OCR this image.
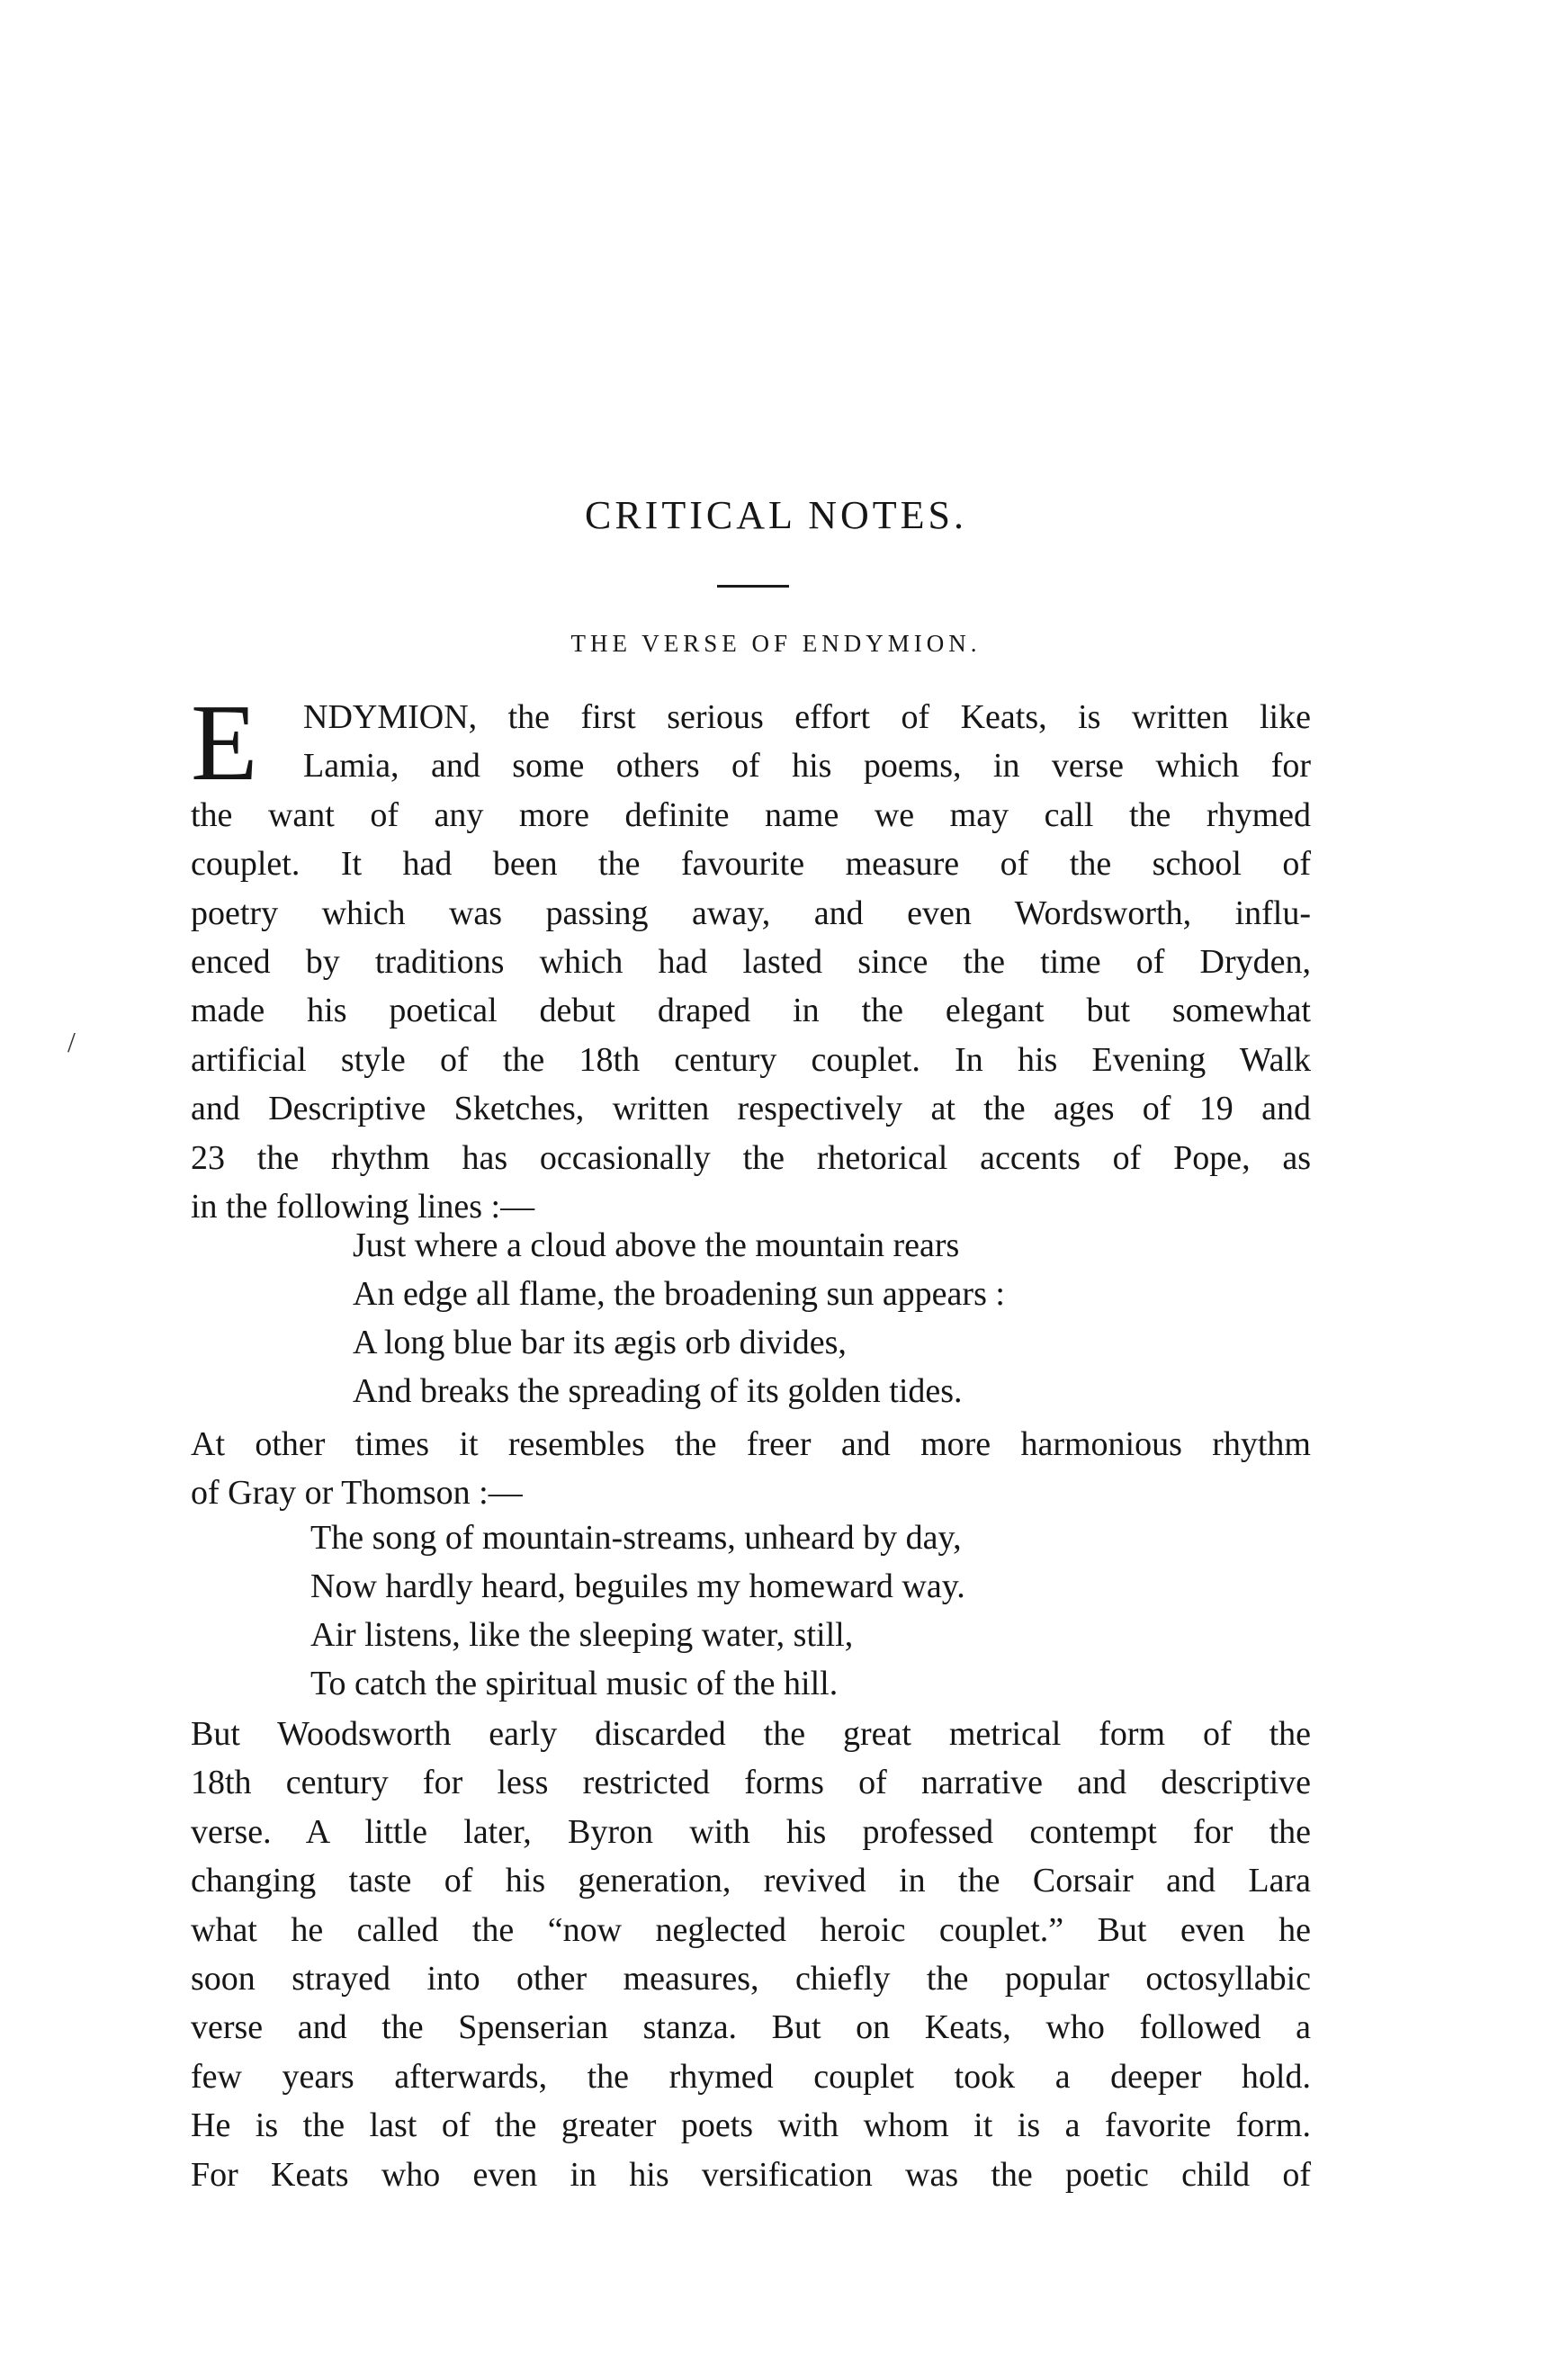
CRITICAL NOTES.
THE VERSE OF ENDYMION.
/
E	NDYMION, the first serious effort of Keats, is written like
Lamia, and some others of his poems, in verse which for
the want of any more definite name we may call the rhymed
couplet. It had been the favourite measure of the school of
poetry which was passing away, and even Wordsworth, influ-
enced by traditions which had lasted since the time of Dryden,
made his poetical debut draped in the elegant but somewhat
artificial style of the 18th century couplet. In his Evening Walk
and Descriptive Sketches, written respectively at the ages of 19 and
23 the rhythm has occasionally the rhetorical accents of Pope, as
in the following lines :—
Just where a cloud above the mountain rears
An edge all flame, the broadening sun appears :
A long blue bar its ægis orb divides,
And breaks the spreading of its golden tides.
At other times it resembles the freer and more harmonious rhythm
of Gray or Thomson :—
The song of mountain-streams, unheard by day,
Now hardly heard, beguiles my homeward way.
Air listens, like the sleeping water, still,
To catch the spiritual music of the hill.
But Woodsworth early discarded the great metrical form of the
18th century for less restricted forms of narrative and descriptive
verse. A little later, Byron with his professed contempt for the
changing taste of his generation, revived in the Corsair and Lara
what he called the “now neglected heroic couplet.” But even he
soon strayed into other measures, chiefly the popular octosyllabic
verse and the Spenserian stanza. But on Keats, who followed a
few years afterwards, the rhymed couplet took a deeper hold.
He is the last of the greater poets with whom it is a favorite form.
For Keats who even in his versification was the poetic child of
